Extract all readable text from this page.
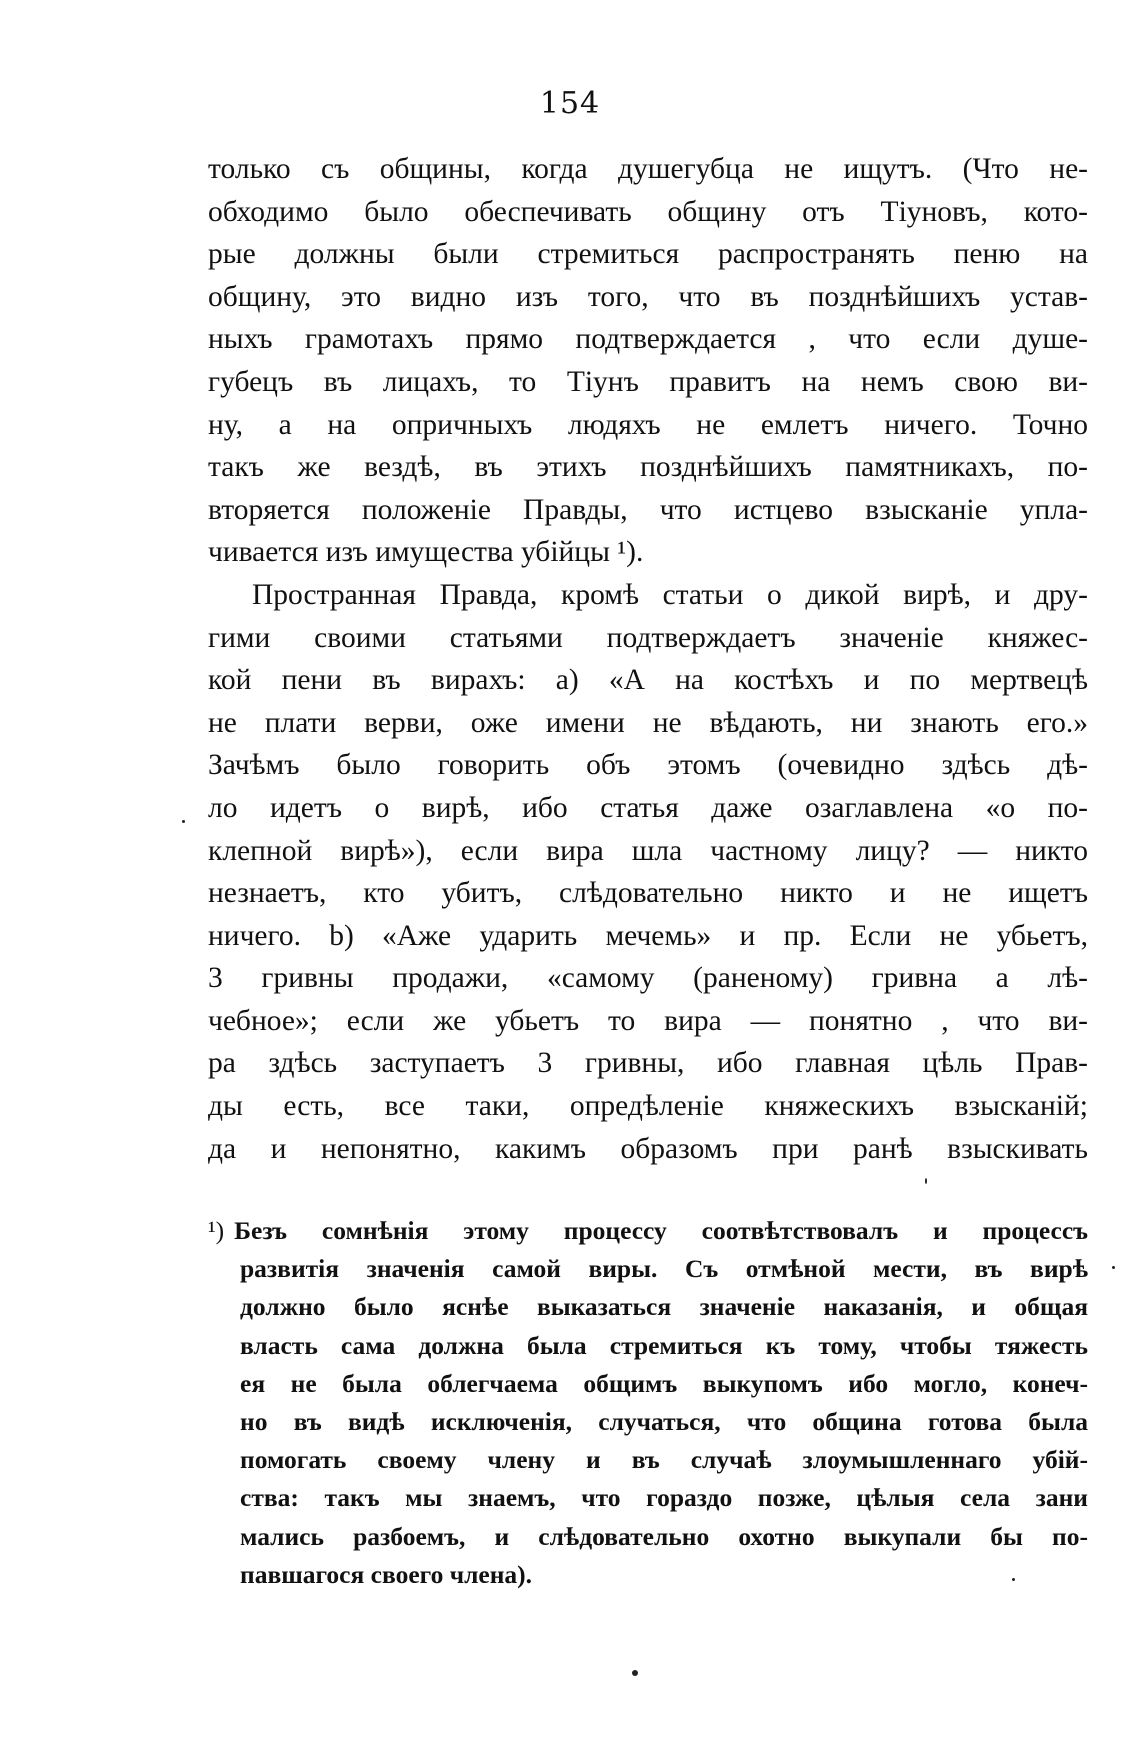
154
только съ общины, когда душегубца не ищутъ. (Что не-
обходимо было обеспечивать общину отъ Тіуновъ, кото-
рые должны были стремиться распространять пеню на
общину, это видно изъ того, что въ позднѣйшихъ устав-
ныхъ грамотахъ прямо подтверждается , что если душе-
губецъ въ лицахъ, то Тіунъ правитъ на немъ свою ви-
ну, а на опричныхъ людяхъ не емлетъ ничего. Точно
такъ же вездѣ, въ этихъ позднѣйшихъ памятникахъ, по-
вторяется положеніе Правды, что истцево взысканіе упла-
чивается изъ имущества убійцы ¹).
Пространная Правда, кромѣ статьи о дикой вирѣ, и дру-
гими своими статьями подтверждаетъ значеніе княжес-
кой пени въ вирахъ: a) «А на костѣхъ и по мертвецѣ
не плати верви, оже имени не вѣдають, ни знають его.»
Зачѣмъ было говорить объ этомъ (очевидно здѣсь дѣ-
ло идетъ о вирѣ, ибо статья даже озаглавлена «о по-
клепной вирѣ»), если вира шла частному лицу? — никто
незнаетъ, кто убитъ, слѣдовательно никто и не ищетъ
ничего. b) «Аже ударить мечемь» и пр. Если не убьетъ,
3 гривны продажи, «самому (раненому) гривна а лѣ-
чебное»; если же убьетъ то вира — понятно , что ви-
ра здѣсь заступаетъ 3 гривны, ибо главная цѣль Прав-
ды есть, все таки, опредѣленіе княжескихъ взысканій;
да и непонятно, какимъ образомъ при ранѣ взыскивать
¹) Безъ сомнѣнія этому процессу соотвѣтствовалъ и процессъ
развитія значенія самой виры. Съ отмѣной мести, въ вирѣ
должно было яснѣе выказаться значеніе наказанія, и общая
власть сама должна была стремиться къ тому, чтобы тяжесть
ея не была облегчаема общимъ выкупомъ ибо могло, конеч-
но въ видѣ исключенія, случаться, что община готова была
помогать своему члену и въ случаѣ злоумышленнаго убій-
ства: такъ мы знаемъ, что гораздо позже, цѣлыя села зани
мались разбоемъ, и слѣдовательно охотно выкупали бы по-
павшагося своего члена).
